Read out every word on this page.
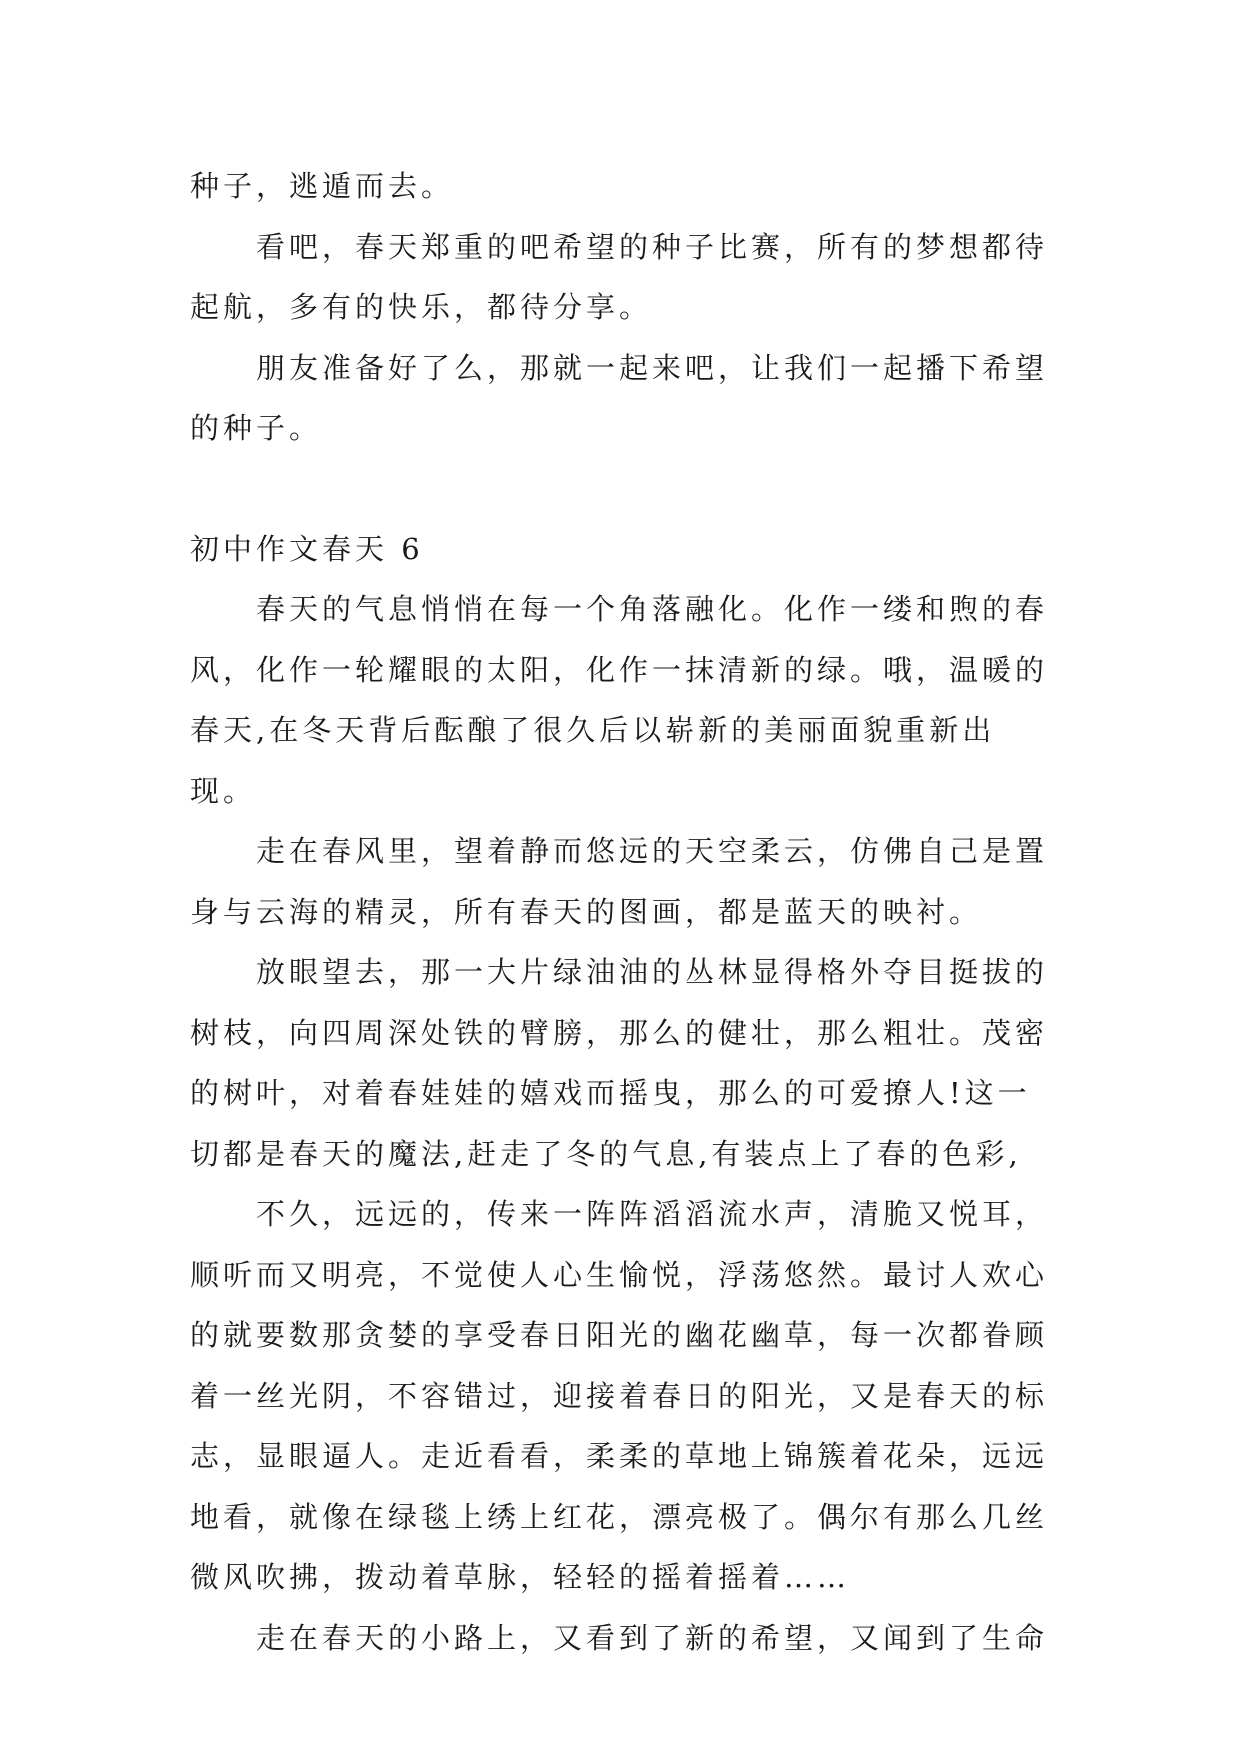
种子，逃遁而去。

看吧，春天郑重的吧希望的种子比赛，所有的梦想都待起航，多有的快乐，都待分享。

朋友准备好了么，那就一起来吧，让我们一起播下希望的种子。

初中作文春天 6

春天的气息悄悄在每一个角落融化。化作一缕和煦的春风，化作一轮耀眼的太阳，化作一抹清新的绿。哦，温暖的春天,在冬天背后酝酿了很久后以崭新的美丽面貌重新出现。

走在春风里，望着静而悠远的天空柔云，仿佛自己是置身与云海的精灵，所有春天的图画，都是蓝天的映衬。

放眼望去，那一大片绿油油的丛林显得格外夺目挺拔的树枝，向四周深处铁的臂膀，那么的健壮，那么粗壮。茂密的树叶，对着春娃娃的嬉戏而摇曳，那么的可爱撩人!这一切都是春天的魔法,赶走了冬的气息,有装点上了春的色彩,

不久，远远的，传来一阵阵滔滔流水声，清脆又悦耳，顺听而又明亮，不觉使人心生愉悦，浮荡悠然。最讨人欢心的就要数那贪婪的享受春日阳光的幽花幽草，每一次都眷顾着一丝光阴，不容错过，迎接着春日的阳光，又是春天的标志，显眼逼人。走近看看，柔柔的草地上锦簇着花朵，远远地看，就像在绿毯上绣上红花，漂亮极了。偶尔有那么几丝微风吹拂，拨动着草脉，轻轻的摇着摇着……

走在春天的小路上，又看到了新的希望，又闻到了生命
